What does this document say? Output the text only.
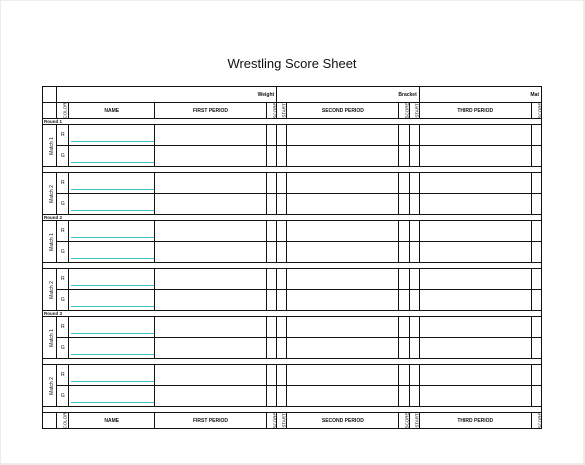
Wrestling Score Sheet
	Weight				Bracket				Mat	
	COLOR	NAME	FIRST PERIOD	SCORE	START	SECOND PERIOD	SCORE	START	THIRD PERIOD	SCORE
Round 1										
Match 1	R	

	G	

Match 2	R	

	G	

Round 2										
Match 1	R	

	G	

Match 2	R	

	G	

Round 3										
Match 1	R	

	G	

Match 2	R	

	G	

	COLOR	NAME	FIRST PERIOD	SCORE	START	SECOND PERIOD	SCORE	START	THIRD PERIOD	SCORE
